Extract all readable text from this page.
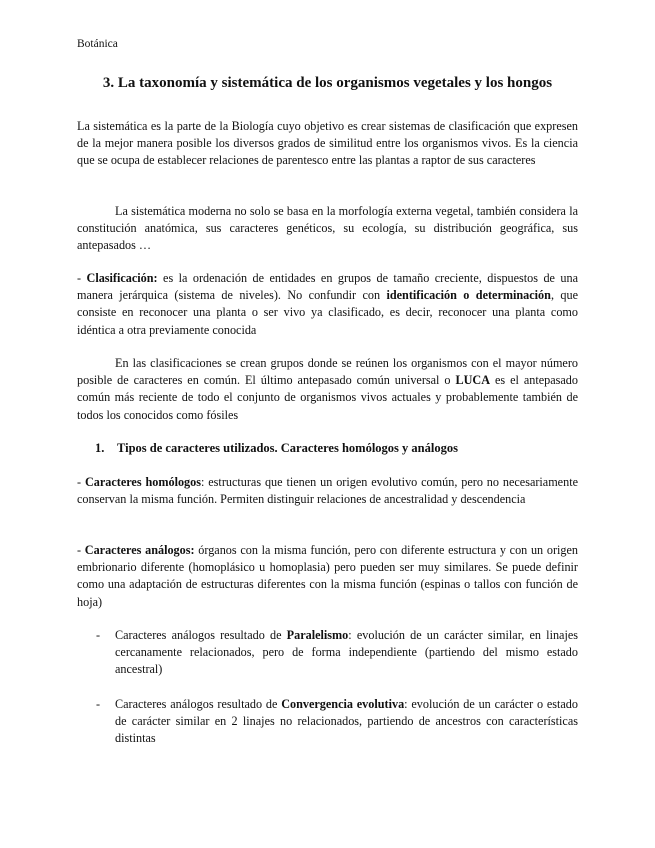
Botánica
3. La taxonomía y sistemática de los organismos vegetales y los hongos

La sistemática es la parte de la Biología cuyo objetivo es crear sistemas de clasificación que expresen de la mejor manera posible los diversos grados de similitud entre los organismos vivos. Es la ciencia que se ocupa de establecer relaciones de parentesco entre las plantas a raptor de sus caracteres

La sistemática moderna no solo se basa en la morfología externa vegetal, también considera la constitución anatómica, sus caracteres genéticos, su ecología, su distribución geográfica, sus antepasados …

- Clasificación: es la ordenación de entidades en grupos de tamaño creciente, dispuestos de una manera jerárquica (sistema de niveles). No confundir con identificación o determinación, que consiste en reconocer una planta o ser vivo ya clasificado, es decir, reconocer una planta como idéntica a otra previamente conocida

En las clasificaciones se crean grupos donde se reúnen los organismos con el mayor número posible de caracteres en común. El último antepasado común universal o LUCA es el antepasado común más reciente de todo el conjunto de organismos vivos actuales y probablemente también de todos los conocidos como fósiles

1. Tipos de caracteres utilizados. Caracteres homólogos y análogos

- Caracteres homólogos: estructuras que tienen un origen evolutivo común, pero no necesariamente conservan la misma función. Permiten distinguir relaciones de ancestralidad y descendencia

- Caracteres análogos: órganos con la misma función, pero con diferente estructura y con un origen embrionario diferente (homoplásico u homoplasia) pero pueden ser muy similares. Se puede definir como una adaptación de estructuras diferentes con la misma función (espinas o tallos con función de hoja)

- Caracteres análogos resultado de Paralelismo: evolución de un carácter similar, en linajes cercanamente relacionados, pero de forma independiente (partiendo del mismo estado ancestral)

- Caracteres análogos resultado de Convergencia evolutiva: evolución de un carácter o estado de carácter similar en 2 linajes no relacionados, partiendo de ancestros con características distintas
